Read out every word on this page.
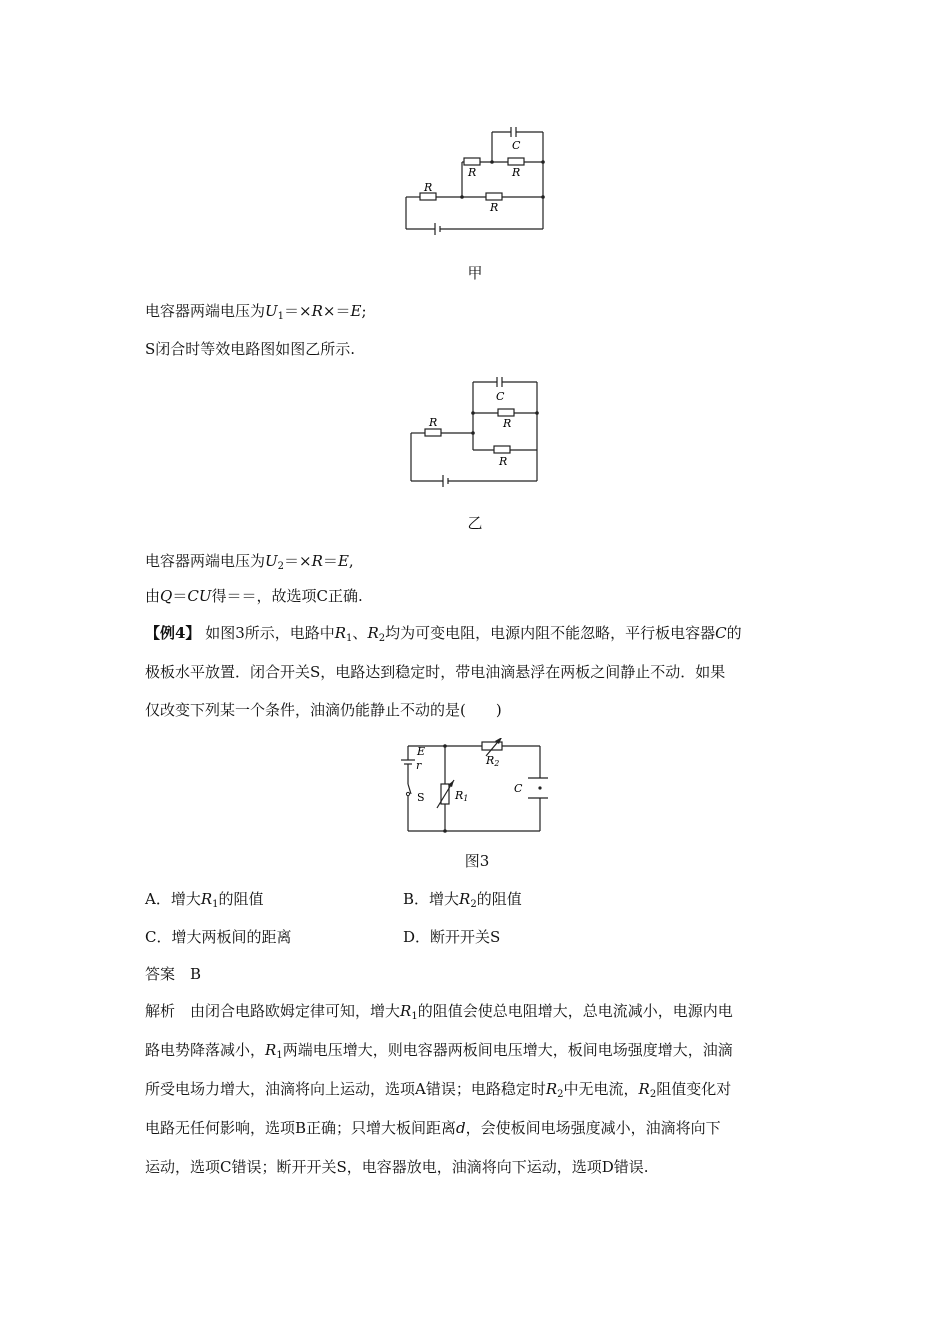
C
R	R
R
R
甲
电容器两端电压为$U_1=\times R\times=E$;
S闭合时等效电路图如图乙所示.
C
R
R
R
乙
电容器两端电压为$U_2=\times R=E$,
由Q＝CU得＝＝，故选项C正确.
【例4】 如图3所示，电路中$R_1$、$R_2$均为可变电阻，电源内阻不能忽略，平行板电容器C的
极板水平放置．闭合开关S，电路达到稳定时，带电油滴悬浮在两板之间静止不动．如果
仅改变下列某一个条件，油滴仍能静止不动的是(　　)
E
r
S	R1
R2
C
图3
A．增大$R_1$的阻值	B．增大$R_2$的阻值
C．增大两板间的距离	D．断开开关S
答案　B
解析　由闭合电路欧姆定律可知，增大$R_1$的阻值会使总电阻增大，总电流减小，电源内电
路电势降落减小，$R_1$两端电压增大，则电容器两板间电压增大，板间电场强度增大，油滴
所受电场力增大，油滴将向上运动，选项A错误；电路稳定时$R_2$中无电流，$R_2$阻值变化对
电路无任何影响，选项B正确；只增大板间距离d，会使板间电场强度减小，油滴将向下
运动，选项C错误；断开开关S，电容器放电，油滴将向下运动，选项D错误.
